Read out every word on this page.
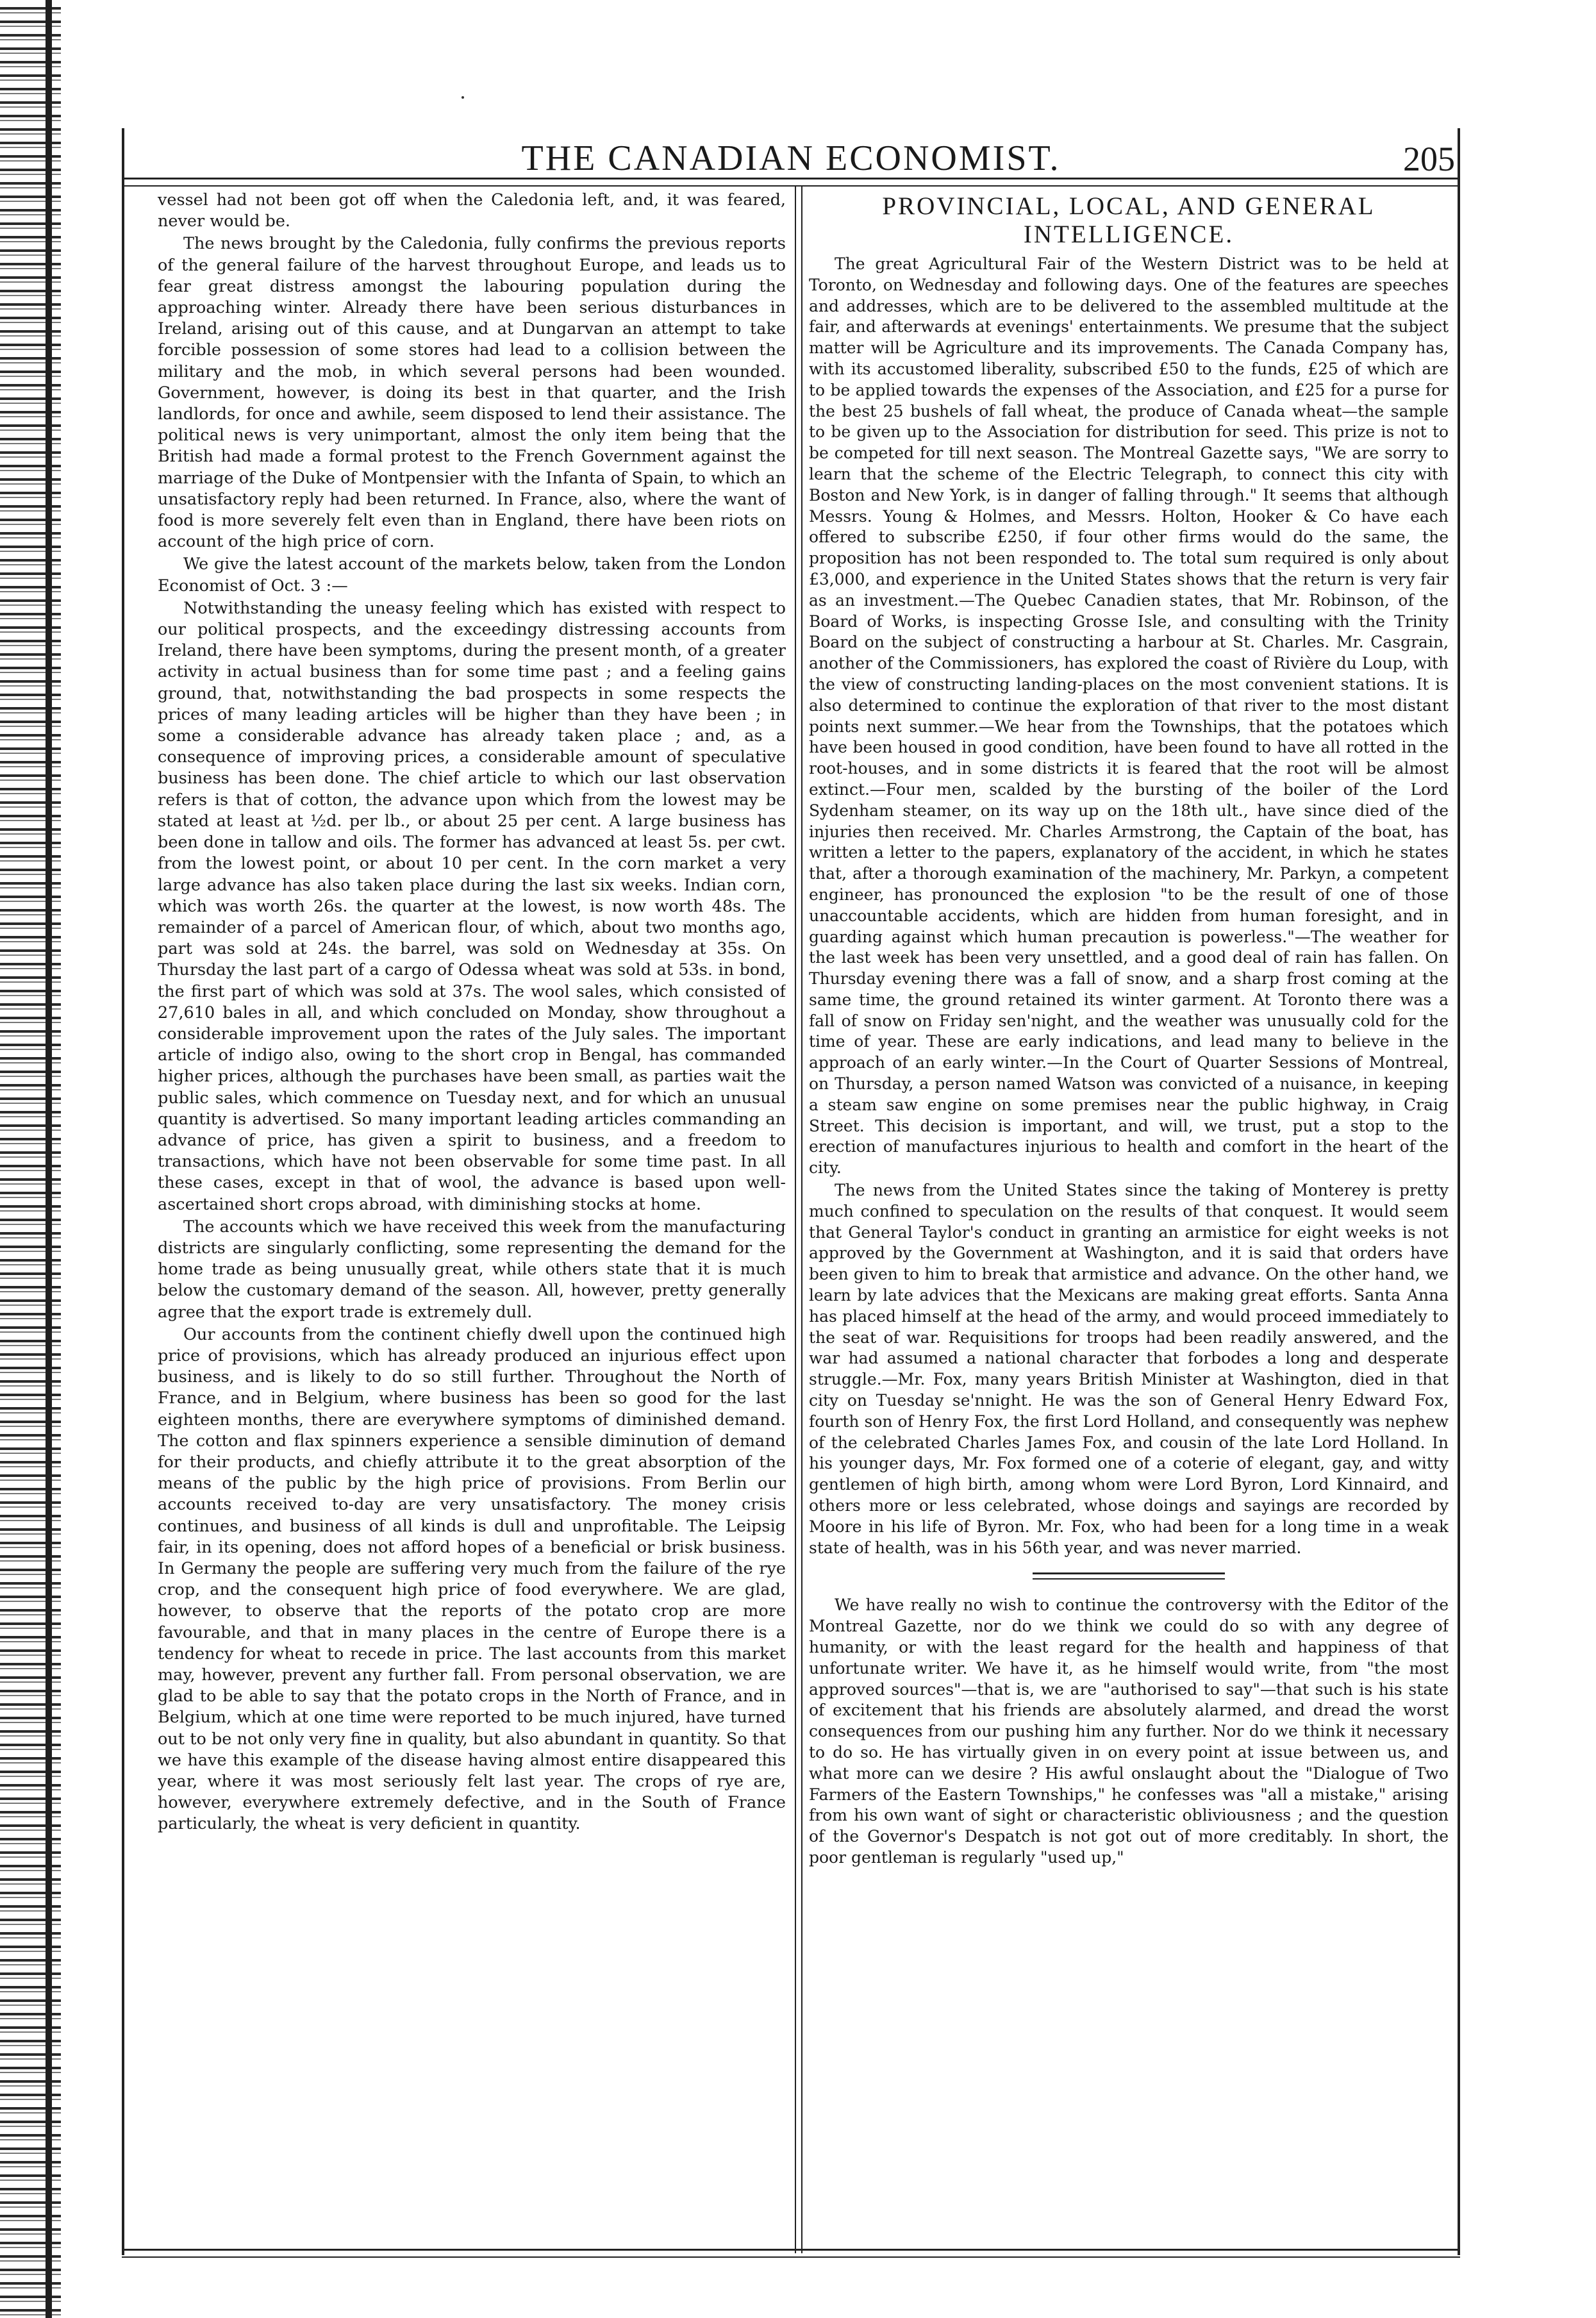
THE CANADIAN ECONOMIST.	205

vessel had not been got off when the Caledonia left, and, it was feared, never would be.

The news brought by the Caledonia, fully confirms the previous reports of the general failure of the harvest throughout Europe, and leads us to fear great distress amongst the labouring population during the approaching winter. Already there have been serious disturbances in Ireland, arising out of this cause, and at Dungarvan an attempt to take forcible possession of some stores had lead to a collision between the military and the mob, in which several persons had been wounded. Government, however, is doing its best in that quarter, and the Irish landlords, for once and awhile, seem disposed to lend their assistance. The political news is very unimportant, almost the only item being that the British had made a formal protest to the French Government against the marriage of the Duke of Montpensier with the Infanta of Spain, to which an unsatisfactory reply had been returned. In France, also, where the want of food is more severely felt even than in England, there have been riots on account of the high price of corn.

We give the latest account of the markets below, taken from the London Economist of Oct. 3 :—

Notwithstanding the uneasy feeling which has existed with respect to our political prospects, and the exceedingy distressing accounts from Ireland, there have been symptoms, during the present month, of a greater activity in actual business than for some time past ; and a feeling gains ground, that, notwithstanding the bad prospects in some respects the prices of many leading articles will be higher than they have been ; in some a considerable advance has already taken place ; and, as a consequence of improving prices, a considerable amount of speculative business has been done. The chief article to which our last observation refers is that of cotton, the advance upon which from the lowest may be stated at least at ½d. per lb., or about 25 per cent. A large business has been done in tallow and oils. The former has advanced at least 5s. per cwt. from the lowest point, or about 10 per cent. In the corn market a very large advance has also taken place during the last six weeks. Indian corn, which was worth 26s. the quarter at the lowest, is now worth 48s. The remainder of a parcel of American flour, of which, about two months ago, part was sold at 24s. the barrel, was sold on Wednesday at 35s. On Thursday the last part of a cargo of Odessa wheat was sold at 53s. in bond, the first part of which was sold at 37s. The wool sales, which consisted of 27,610 bales in all, and which concluded on Monday, show throughout a considerable improvement upon the rates of the July sales. The important article of indigo also, owing to the short crop in Bengal, has commanded higher prices, although the purchases have been small, as parties wait the public sales, which commence on Tuesday next, and for which an unusual quantity is advertised. So many important leading articles commanding an advance of price, has given a spirit to business, and a freedom to transactions, which have not been observable for some time past. In all these cases, except in that of wool, the advance is based upon well-ascertained short crops abroad, with diminishing stocks at home.

The accounts which we have received this week from the manufacturing districts are singularly conflicting, some representing the demand for the home trade as being unusually great, while others state that it is much below the customary demand of the season. All, however, pretty generally agree that the export trade is extremely dull.

Our accounts from the continent chiefly dwell upon the continued high price of provisions, which has already produced an injurious effect upon business, and is likely to do so still further. Throughout the North of France, and in Belgium, where business has been so good for the last eighteen months, there are everywhere symptoms of diminished demand. The cotton and flax spinners experience a sensible diminution of demand for their products, and chiefly attribute it to the great absorption of the means of the public by the high price of provisions. From Berlin our accounts received to-day are very unsatisfactory. The money crisis continues, and business of all kinds is dull and unprofitable. The Leipsig fair, in its opening, does not afford hopes of a beneficial or brisk business. In Germany the people are suffering very much from the failure of the rye crop, and the consequent high price of food everywhere. We are glad, however, to observe that the reports of the potato crop are more favourable, and that in many places in the centre of Europe there is a tendency for wheat to recede in price. The last accounts from this market may, however, prevent any further fall. From personal observation, we are glad to be able to say that the potato crops in the North of France, and in Belgium, which at one time were reported to be much injured, have turned out to be not only very fine in quality, but also abundant in quantity. So that we have this example of the disease having almost entire disappeared this year, where it was most seriously felt last year. The crops of rye are, however, everywhere extremely defective, and in the South of France particularly, the wheat is very deficient in quantity.

PROVINCIAL, LOCAL, AND GENERAL INTELLIGENCE.

The great Agricultural Fair of the Western District was to be held at Toronto, on Wednesday and following days. One of the features are speeches and addresses, which are to be delivered to the assembled multitude at the fair, and afterwards at evenings' entertainments. We presume that the subject matter will be Agriculture and its improvements. The Canada Company has, with its accustomed liberality, subscribed £50 to the funds, £25 of which are to be applied towards the expenses of the Association, and £25 for a purse for the best 25 bushels of fall wheat, the produce of Canada wheat—the sample to be given up to the Association for distribution for seed. This prize is not to be competed for till next season. The Montreal Gazette says, "We are sorry to learn that the scheme of the Electric Telegraph, to connect this city with Boston and New York, is in danger of falling through." It seems that although Messrs. Young & Holmes, and Messrs. Holton, Hooker & Co have each offered to subscribe £250, if four other firms would do the same, the proposition has not been responded to. The total sum required is only about £3,000, and experience in the United States shows that the return is very fair as an investment.—The Quebec Canadien states, that Mr. Robinson, of the Board of Works, is inspecting Grosse Isle, and consulting with the Trinity Board on the subject of constructing a harbour at St. Charles. Mr. Casgrain, another of the Commissioners, has explored the coast of Rivière du Loup, with the view of constructing landing-places on the most convenient stations. It is also determined to continue the exploration of that river to the most distant points next summer.—We hear from the Townships, that the potatoes which have been housed in good condition, have been found to have all rotted in the root-houses, and in some districts it is feared that the root will be almost extinct.—Four men, scalded by the bursting of the boiler of the Lord Sydenham steamer, on its way up on the 18th ult., have since died of the injuries then received. Mr. Charles Armstrong, the Captain of the boat, has written a letter to the papers, explanatory of the accident, in which he states that, after a thorough examination of the machinery, Mr. Parkyn, a competent engineer, has pronounced the explosion "to be the result of one of those unaccountable accidents, which are hidden from human foresight, and in guarding against which human precaution is powerless."—The weather for the last week has been very unsettled, and a good deal of rain has fallen. On Thursday evening there was a fall of snow, and a sharp frost coming at the same time, the ground retained its winter garment. At Toronto there was a fall of snow on Friday sen'night, and the weather was unusually cold for the time of year. These are early indications, and lead many to believe in the approach of an early winter.—In the Court of Quarter Sessions of Montreal, on Thursday, a person named Watson was convicted of a nuisance, in keeping a steam saw engine on some premises near the public highway, in Craig Street. This decision is important, and will, we trust, put a stop to the erection of manufactures injurious to health and comfort in the heart of the city.

The news from the United States since the taking of Monterey is pretty much confined to speculation on the results of that conquest. It would seem that General Taylor's conduct in granting an armistice for eight weeks is not approved by the Government at Washington, and it is said that orders have been given to him to break that armistice and advance. On the other hand, we learn by late advices that the Mexicans are making great efforts. Santa Anna has placed himself at the head of the army, and would proceed immediately to the seat of war. Requisitions for troops had been readily answered, and the war had assumed a national character that forbodes a long and desperate struggle.—Mr. Fox, many years British Minister at Washington, died in that city on Tuesday se'nnight. He was the son of General Henry Edward Fox, fourth son of Henry Fox, the first Lord Holland, and consequently was nephew of the celebrated Charles James Fox, and cousin of the late Lord Holland. In his younger days, Mr. Fox formed one of a coterie of elegant, gay, and witty gentlemen of high birth, among whom were Lord Byron, Lord Kinnaird, and others more or less celebrated, whose doings and sayings are recorded by Moore in his life of Byron. Mr. Fox, who had been for a long time in a weak state of health, was in his 56th year, and was never married.

We have really no wish to continue the controversy with the Editor of the Montreal Gazette, nor do we think we could do so with any degree of humanity, or with the least regard for the health and happiness of that unfortunate writer. We have it, as he himself would write, from "the most approved sources"—that is, we are "authorised to say"—that such is his state of excitement that his friends are absolutely alarmed, and dread the worst consequences from our pushing him any further. Nor do we think it necessary to do so. He has virtually given in on every point at issue between us, and what more can we desire ? His awful onslaught about the "Dialogue of Two Farmers of the Eastern Townships," he confesses was "all a mistake," arising from his own want of sight or characteristic obliviousness ; and the question of the Governor's Despatch is not got out of more creditably. In short, the poor gentleman is regularly "used up,"
